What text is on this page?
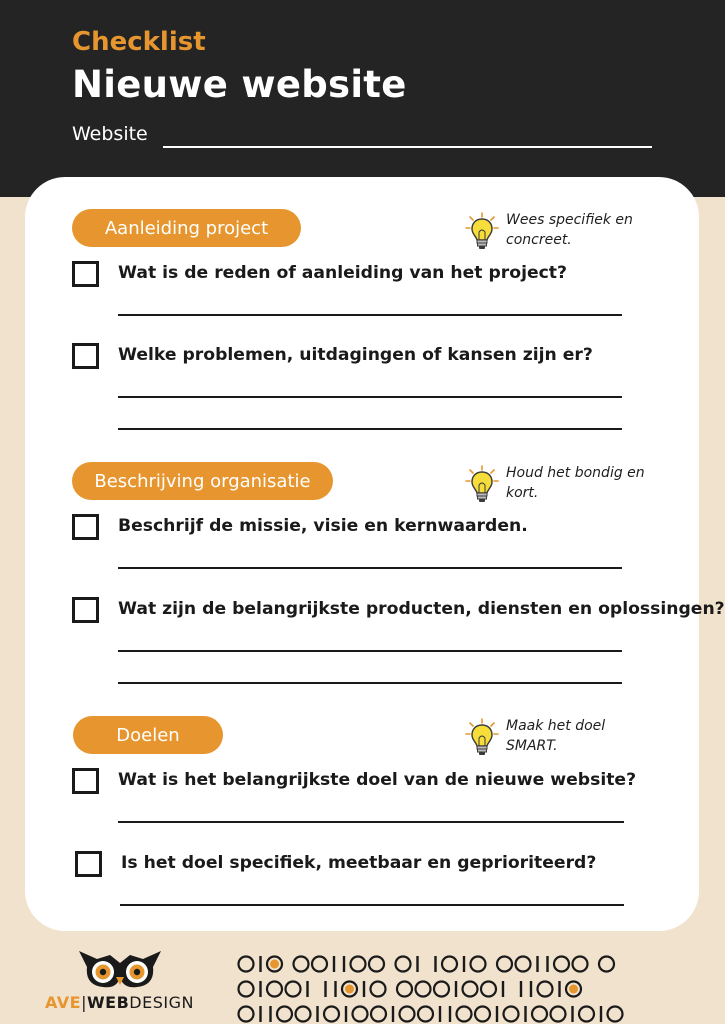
Checklist
Nieuwe website
Website
Aanleiding project	Wees specifiek en concreet.
Wat is de reden of aanleiding van het project?
Welke problemen, uitdagingen of kansen zijn er?
Beschrijving organisatie	Houd het bondig en kort.
Beschrijf de missie, visie en kernwaarden.
Wat zijn de belangrijkste producten, diensten en oplossingen?
Doelen	Maak het doel SMART.
Wat is het belangrijkste doel van de nieuwe website?
Is het doel specifiek, meetbaar en geprioriteerd?
AVE|WEBDESIGN
